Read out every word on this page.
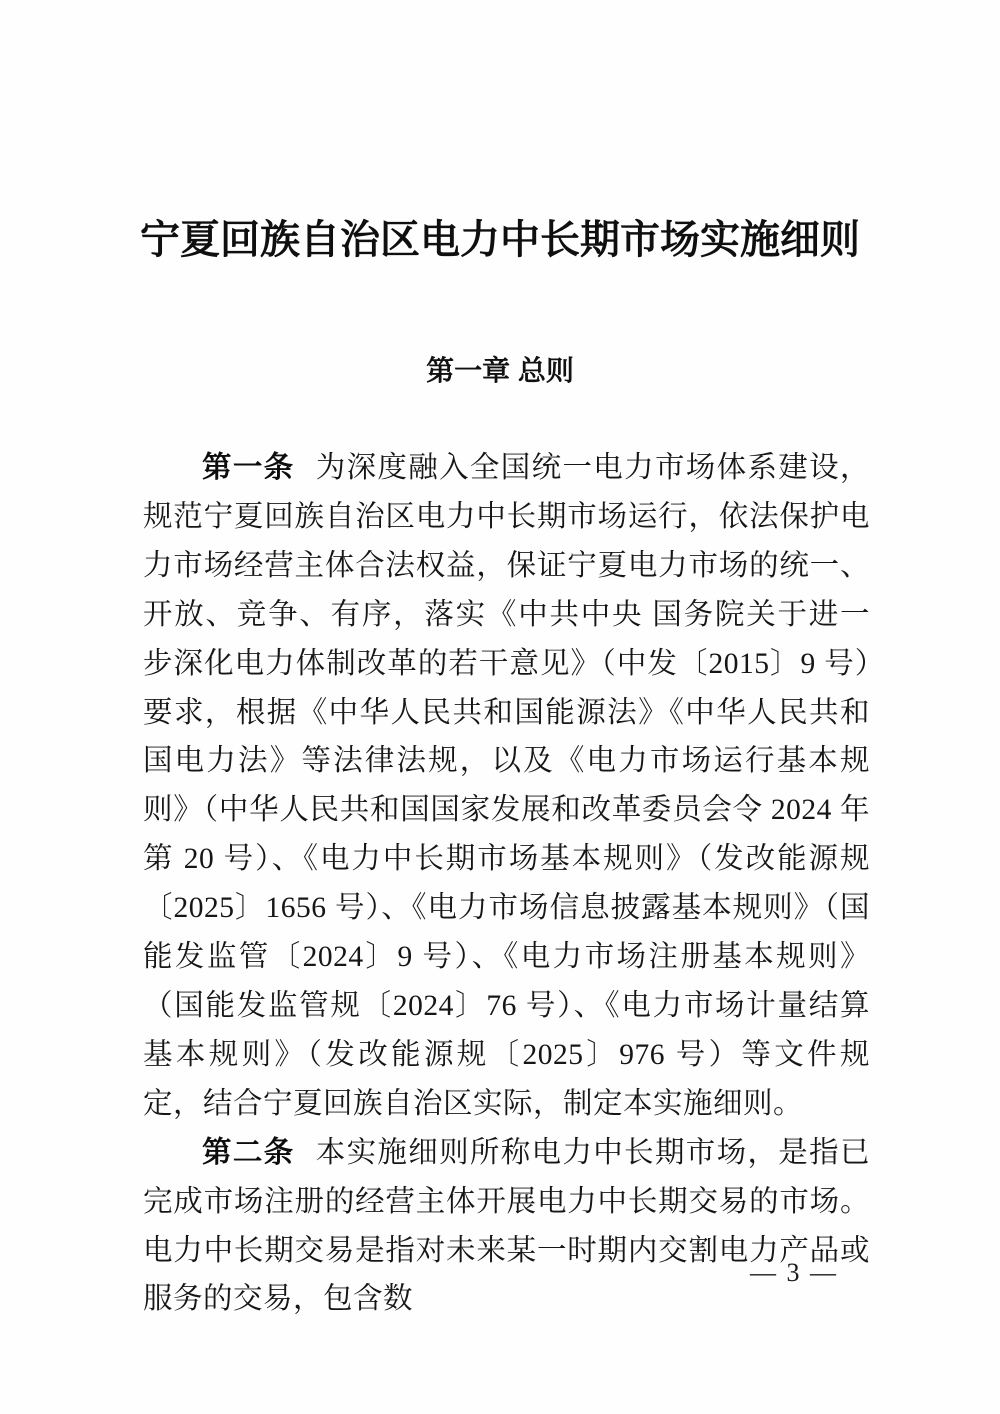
宁夏回族自治区电力中长期市场实施细则
第一章 总则

第一条 为深度融入全国统一电力市场体系建设，规范宁夏回族自治区电力中长期市场运行，依法保护电力市场经营主体合法权益，保证宁夏电力市场的统一、开放、竞争、有序，落实《中共中央 国务院关于进一步深化电力体制改革的若干意见》（中发〔2015〕9 号）要求，根据《中华人民共和国能源法》《中华人民共和国电力法》等法律法规，以及《电力市场运行基本规则》（中华人民共和国国家发展和改革委员会令 2024 年第 20 号）、《电力中长期市场基本规则》（发改能源规〔2025〕1656 号）、《电力市场信息披露基本规则》（国能发监管〔2024〕9 号）、《电力市场注册基本规则》（国能发监管规〔2024〕76 号）、《电力市场计量结算基本规则》（发改能源规〔2025〕976 号）等文件规定，结合宁夏回族自治区实际，制定本实施细则。

第二条 本实施细则所称电力中长期市场，是指已完成市场注册的经营主体开展电力中长期交易的市场。电力中长期交易是指对未来某一时期内交割电力产品或服务的交易，包含数

— 3 —
